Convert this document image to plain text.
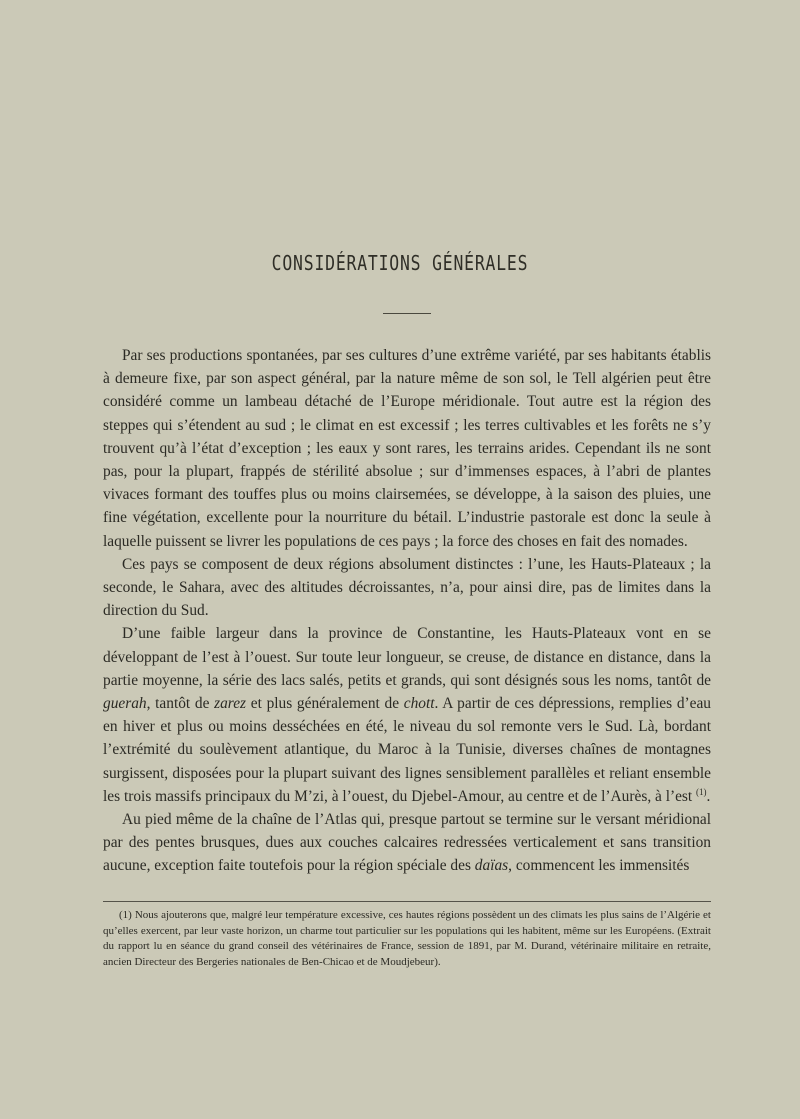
CONSIDÉRATIONS GÉNÉRALES

Par ses productions spontanées, par ses cultures d’une extrême variété, par ses habitants établis à demeure fixe, par son aspect général, par la nature même de son sol, le Tell algérien peut être considéré comme un lambeau détaché de l’Europe méridionale. Tout autre est la région des steppes qui s’étendent au sud ; le climat en est excessif ; les terres cultivables et les forêts ne s’y trouvent qu’à l’état d’exception ; les eaux y sont rares, les terrains arides. Cependant ils ne sont pas, pour la plupart, frappés de stérilité absolue ; sur d’immenses espaces, à l’abri de plantes vivaces formant des touffes plus ou moins clairsemées, se développe, à la saison des pluies, une fine végétation, excellente pour la nourriture du bétail. L’industrie pastorale est donc la seule à laquelle puissent se livrer les populations de ces pays ; la force des choses en fait des nomades.

Ces pays se composent de deux régions absolument distinctes : l’une, les Hauts-Plateaux ; la seconde, le Sahara, avec des altitudes décroissantes, n’a, pour ainsi dire, pas de limites dans la direction du Sud.

D’une faible largeur dans la province de Constantine, les Hauts-Plateaux vont en se développant de l’est à l’ouest. Sur toute leur longueur, se creuse, de distance en distance, dans la partie moyenne, la série des lacs salés, petits et grands, qui sont désignés sous les noms, tantôt de guerah, tantôt de zarez et plus généralement de chott. A partir de ces dépressions, remplies d’eau en hiver et plus ou moins desséchées en été, le niveau du sol remonte vers le Sud. Là, bordant l’extrémité du soulèvement atlantique, du Maroc à la Tunisie, diverses chaînes de montagnes surgissent, disposées pour la plupart suivant des lignes sensiblement parallèles et reliant ensemble les trois massifs principaux du M’zi, à l’ouest, du Djebel-Amour, au centre et de l’Aurès, à l’est $^{(1)}$.

Au pied même de la chaîne de l’Atlas qui, presque partout se termine sur le versant méridional par des pentes brusques, dues aux couches calcaires redressées verticalement et sans transition aucune, exception faite toutefois pour la région spéciale des daïas, commencent les immensités

(1) Nous ajouterons que, malgré leur température excessive, ces hautes régions possèdent un des climats les plus sains de l’Algérie et qu’elles exercent, par leur vaste horizon, un charme tout particulier sur les populations qui les habitent, même sur les Européens. (Extrait du rapport lu en séance du grand conseil des vétérinaires de France, session de 1891, par M. Durand, vétérinaire militaire en retraite, ancien Directeur des Bergeries nationales de Ben-Chicao et de Moudjebeur).
